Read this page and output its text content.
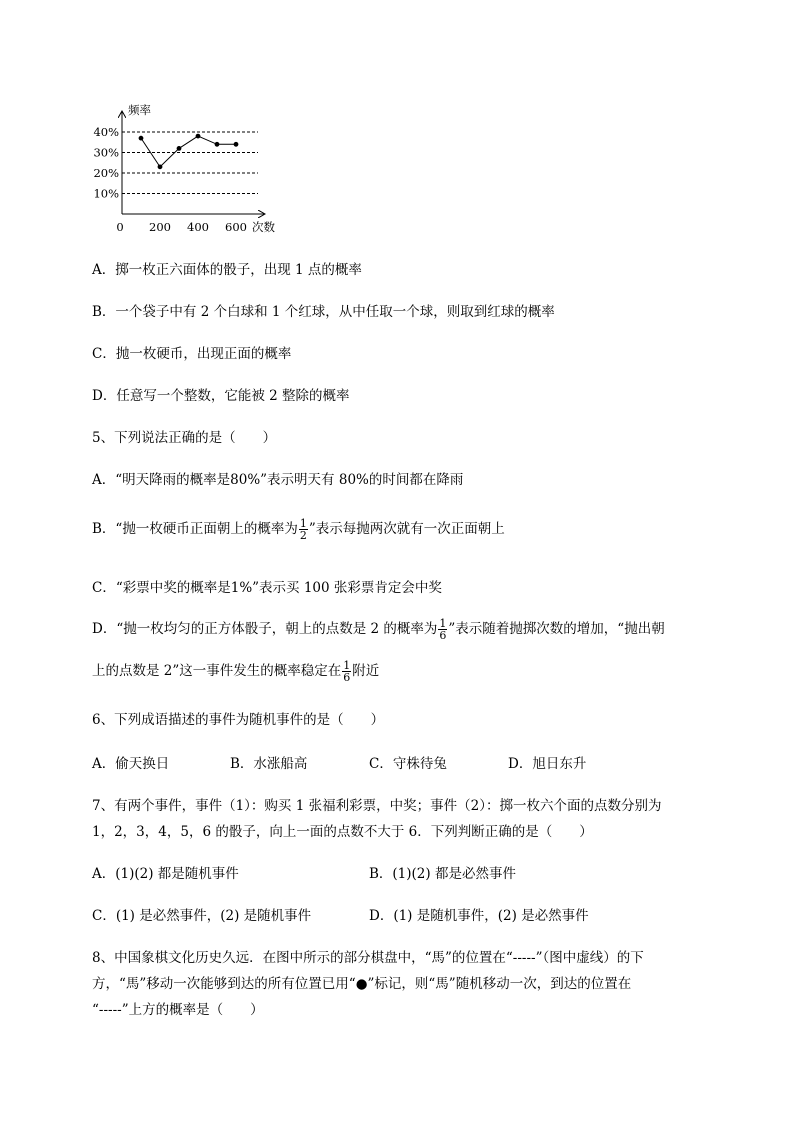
频率
次数
10%
20%
30%
40%
0 200 400 600
A．掷一枚正六面体的骰子，出现 1 点的概率
B．一个袋子中有 2 个白球和 1 个红球，从中任取一个球，则取到红球的概率
C．抛一枚硬币，出现正面的概率
D．任意写一个整数，它能被 2 整除的概率
5、下列说法正确的是（　　）
A．“明天降雨的概率是80%”表示明天有 80%的时间都在降雨
B．“抛一枚硬币正面朝上的概率为 $\frac{1}{2}$ ”表示每抛两次就有一次正面朝上
C．“彩票中奖的概率是1%”表示买 100 张彩票肯定会中奖
D．“抛一枚均匀的正方体骰子，朝上的点数是 2 的概率为 $\frac{1}{6}$ ”表示随着抛掷次数的增加，“抛出朝
上的点数是 2”这一事件发生的概率稳定在 $\frac{1}{6}$ 附近
6、下列成语描述的事件为随机事件的是（　　）
A．偷天换日	B．水涨船高	C．守株待兔	D．旭日东升
7、有两个事件，事件（1）：购买 1 张福利彩票，中奖；事件（2）：掷一枚六个面的点数分别为
1，2，3，4，5，6 的骰子，向上一面的点数不大于 6．下列判断正确的是（　　）
A．(1)(2) 都是随机事件	B．(1)(2) 都是必然事件
C．(1) 是必然事件，(2) 是随机事件	D．(1) 是随机事件，(2) 是必然事件
8、中国象棋文化历史久远．在图中所示的部分棋盘中，“馬”的位置在“-----”（图中虚线）的下
方，“馬”移动一次能够到达的所有位置已用“●”标记，则“馬”随机移动一次，到达的位置在
“-----”上方的概率是（　　）
